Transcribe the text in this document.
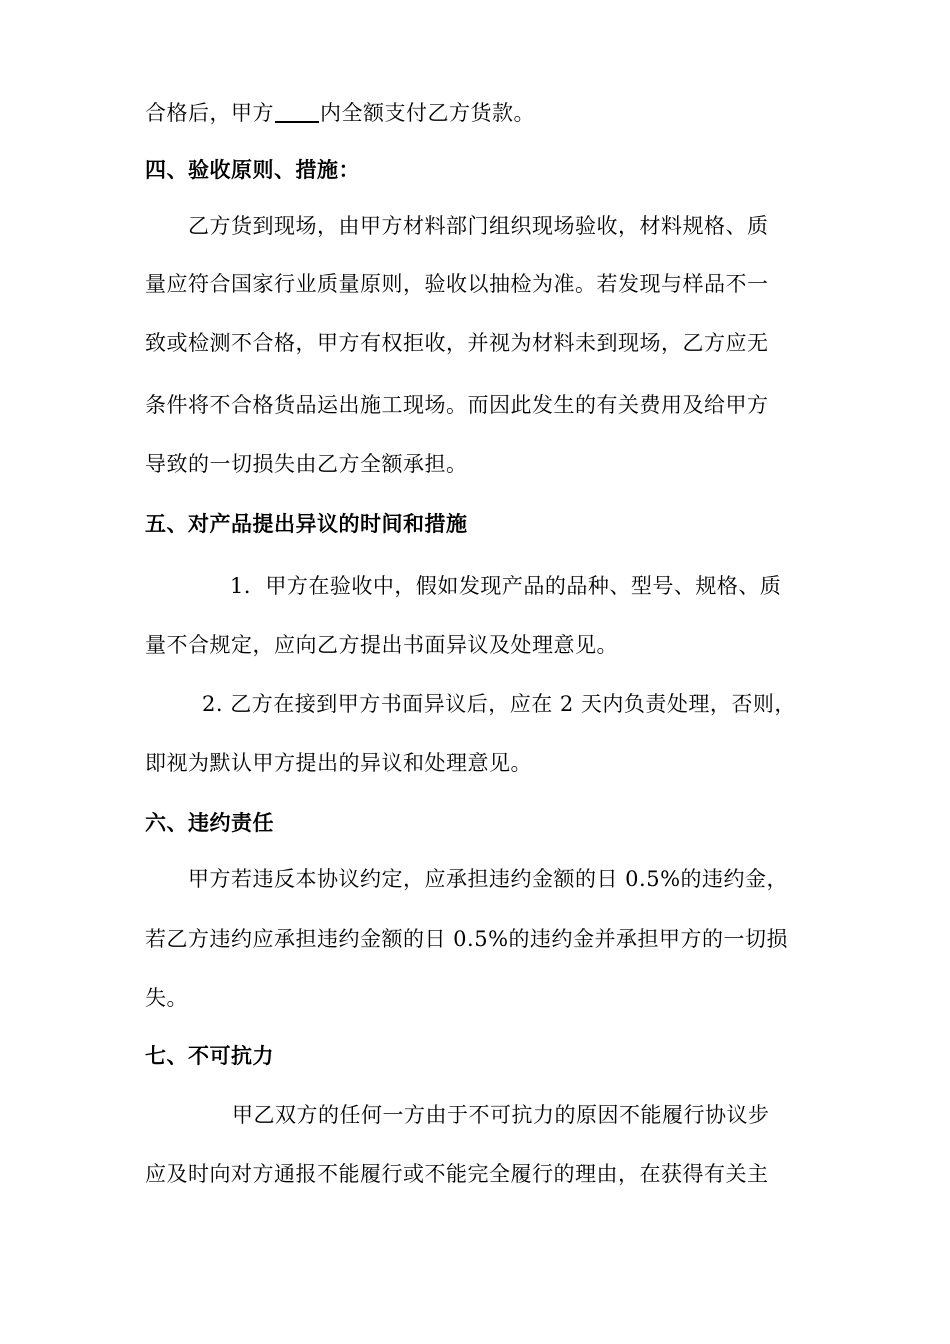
合格后，甲方 内全额支付乙方货款。
四、验收原则、措施：
乙方货到现场，由甲方材料部门组织现场验收，材料规格、质
量应符合国家行业质量原则，验收以抽检为准。若发现与样品不一
致或检测不合格，甲方有权拒收，并视为材料未到现场，乙方应无
条件将不合格货品运出施工现场。而因此发生的有关费用及给甲方
导致的一切损失由乙方全额承担。
五、对产品提出异议的时间和措施
1．甲方在验收中，假如发现产品的品种、型号、规格、质
量不合规定，应向乙方提出书面异议及处理意见。
2. 乙方在接到甲方书面异议后，应在 2 天内负责处理，否则，
即视为默认甲方提出的异议和处理意见。
六、违约责任
甲方若违反本协议约定，应承担违约金额的日 0.5%的违约金，
若乙方违约应承担违约金额的日 0.5%的违约金并承担甲方的一切损
失。
七、不可抗力
甲乙双方的任何一方由于不可抗力的原因不能履行协议步
应及时向对方通报不能履行或不能完全履行的理由，在获得有关主
